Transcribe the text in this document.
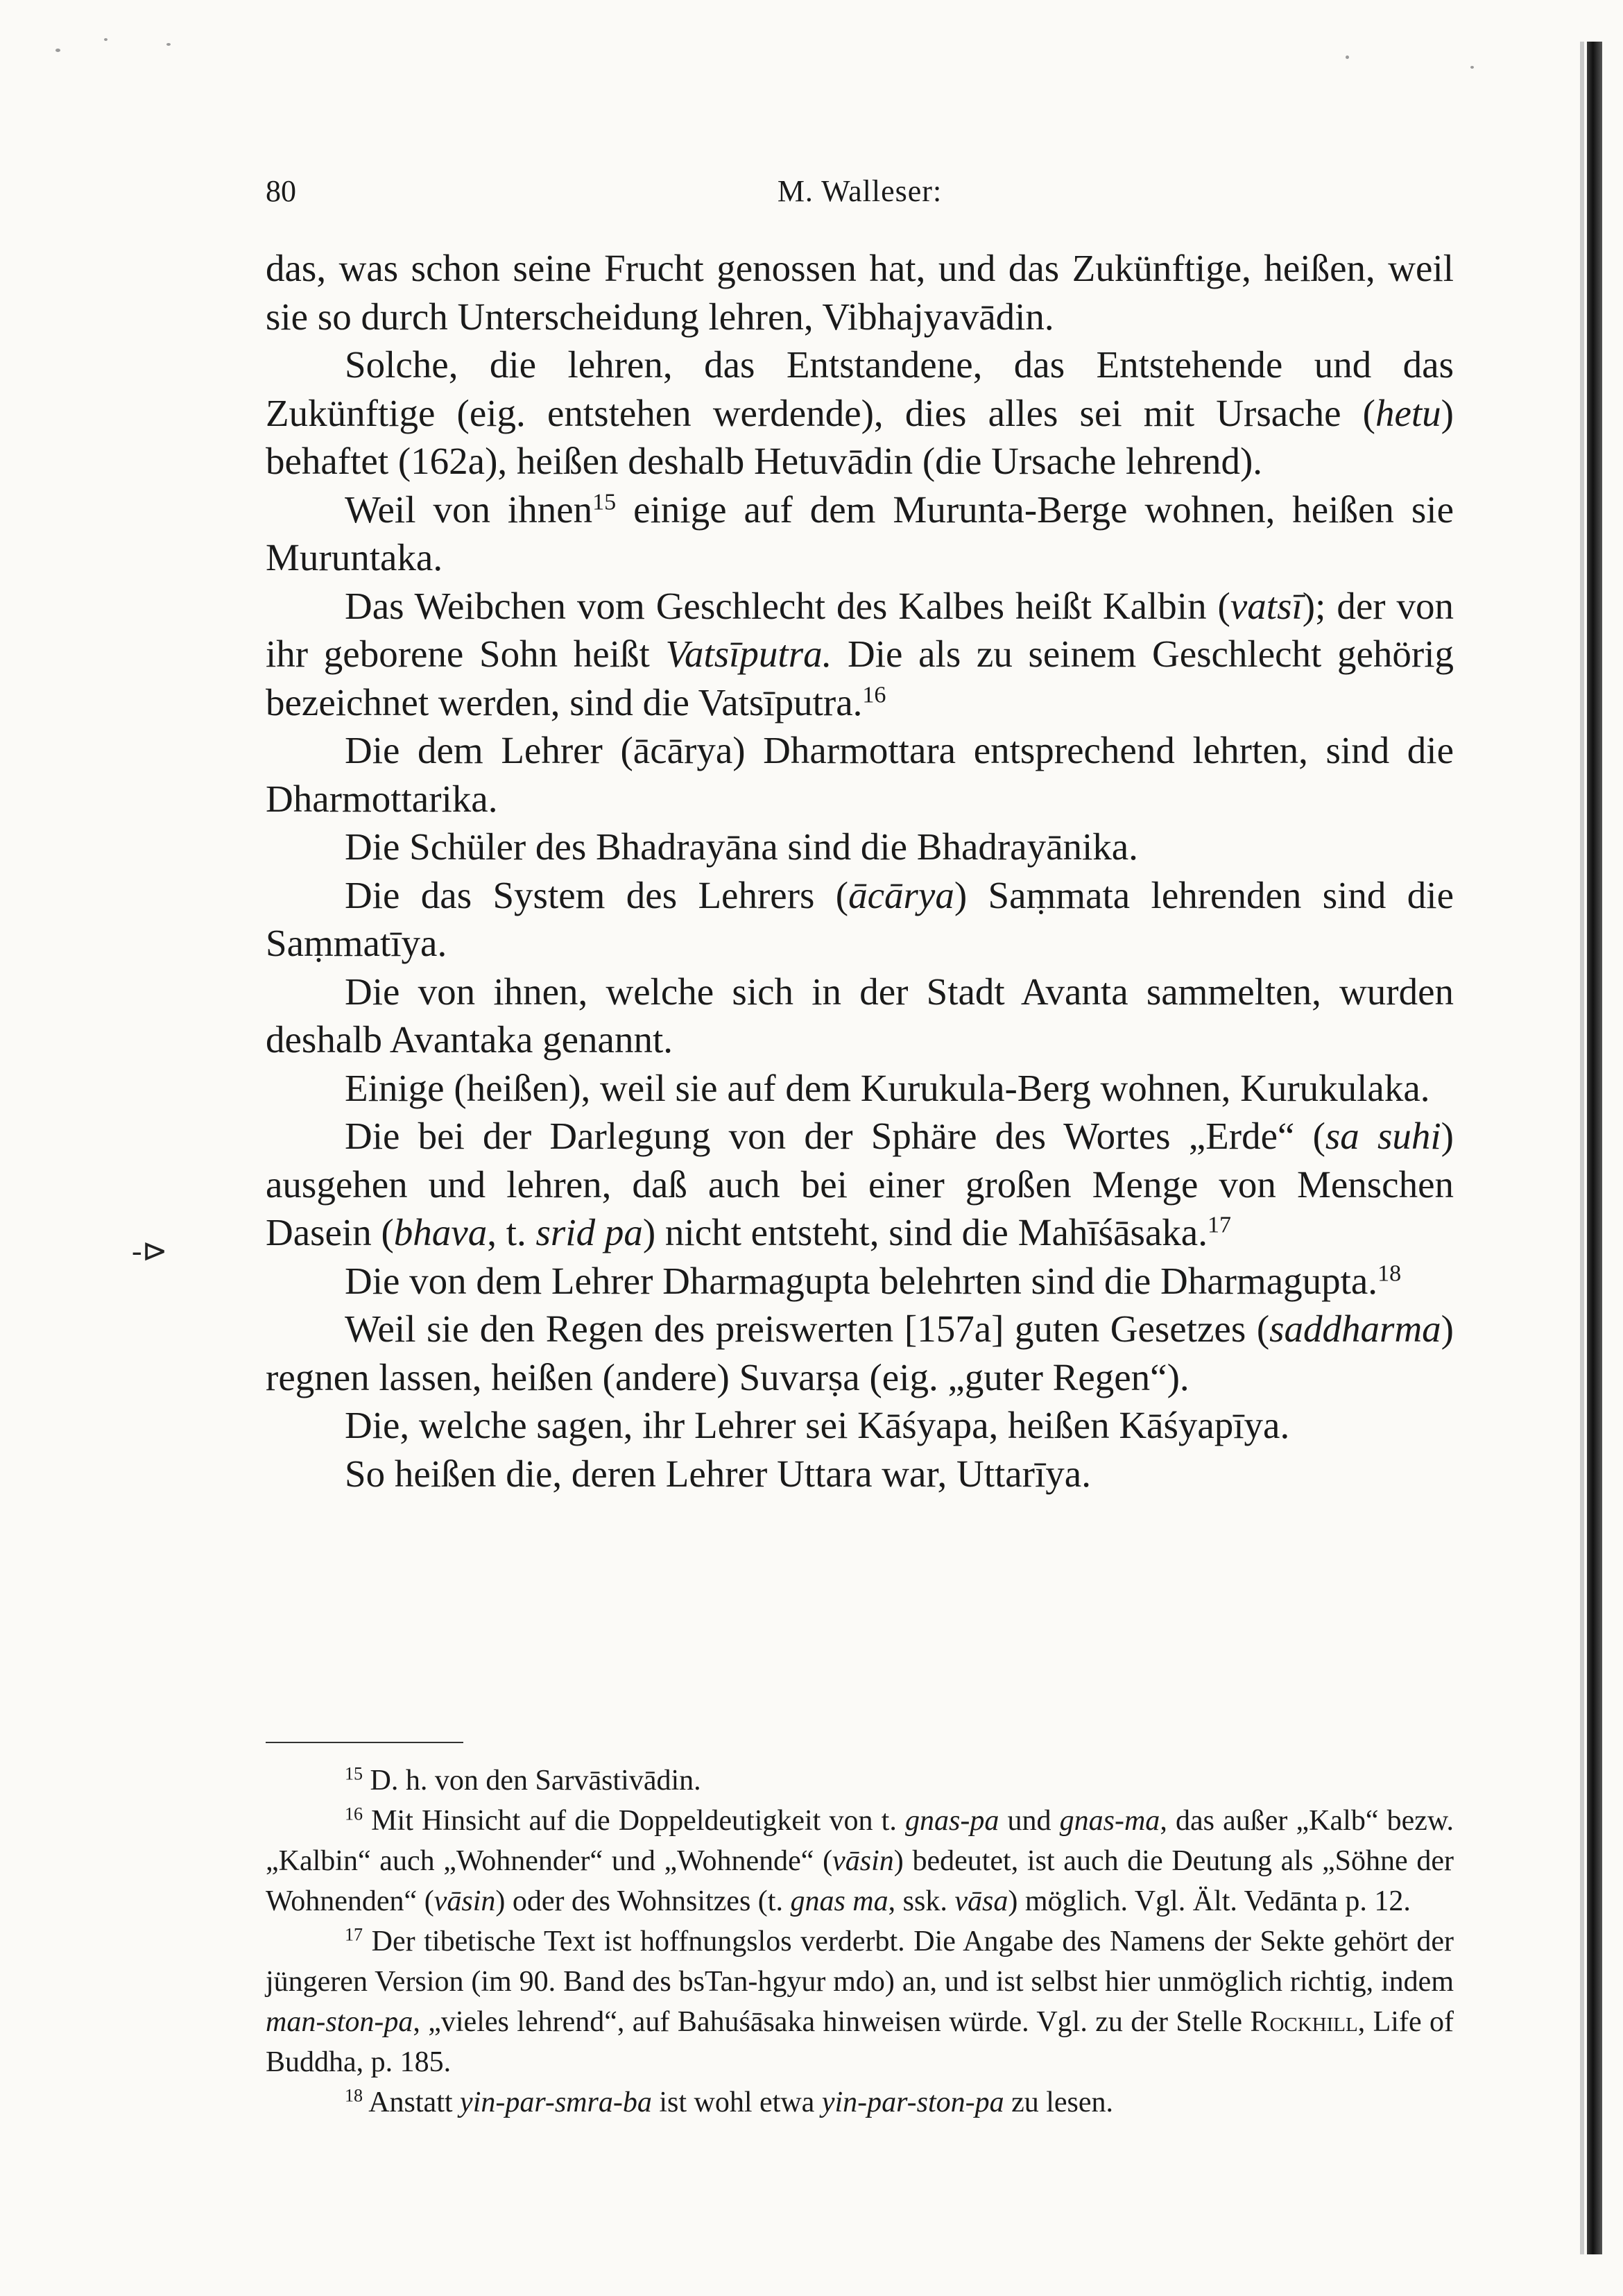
80	M. Walleser:
-⊳

das, was schon seine Frucht genossen hat, und das Zukünftige, heißen, weil sie so durch Unterscheidung lehren, Vibhajyavādin.

Solche, die lehren, das Entstandene, das Entstehende und das Zukünftige (eig. entstehen werdende), dies alles sei mit Ursache (hetu) behaftet (162a), heißen deshalb Hetuvādin (die Ursache lehrend).

Weil von ihnen$^{15}$ einige auf dem Murunta-Berge wohnen, heißen sie Muruntaka.

Das Weibchen vom Geschlecht des Kalbes heißt Kalbin (vatsī); der von ihr geborene Sohn heißt Vatsīputra. Die als zu seinem Geschlecht gehörig bezeichnet werden, sind die Vatsīputra.$^{16}$

Die dem Lehrer (ācārya) Dharmottara entsprechend lehrten, sind die Dharmottarika.

Die Schüler des Bhadrayāna sind die Bhadrayānika.

Die das System des Lehrers (ācārya) Saṃmata lehrenden sind die Saṃmatīya.

Die von ihnen, welche sich in der Stadt Avanta sammelten, wurden deshalb Avantaka genannt.

Einige (heißen), weil sie auf dem Kurukula-Berg wohnen, Kurukulaka.

Die bei der Darlegung von der Sphäre des Wortes „Erde“ (sa suhi) ausgehen und lehren, daß auch bei einer großen Menge von Menschen Dasein (bhava, t. srid pa) nicht entsteht, sind die Mahīśāsaka.$^{17}$

Die von dem Lehrer Dharmagupta belehrten sind die Dharmagupta.$^{18}$

Weil sie den Regen des preiswerten [157a] guten Gesetzes (saddharma) regnen lassen, heißen (andere) Suvarṣa (eig. „guter Regen“).

Die, welche sagen, ihr Lehrer sei Kāśyapa, heißen Kāśyapīya.

So heißen die, deren Lehrer Uttara war, Uttarīya.

$^{15}$ D. h. von den Sarvāstivādin.

$^{16}$ Mit Hinsicht auf die Doppeldeutigkeit von t. gnas-pa und gnas-ma, das außer „Kalb“ bezw. „Kalbin“ auch „Wohnender“ und „Wohnende“ (vāsin) bedeutet, ist auch die Deutung als „Söhne der Wohnenden“ (vāsin) oder des Wohnsitzes (t. gnas ma, ssk. vāsa) möglich. Vgl. Ält. Vedānta p. 12.

$^{17}$ Der tibetische Text ist hoffnungslos verderbt. Die Angabe des Namens der Sekte gehört der jüngeren Version (im 90. Band des bsTan-hgyur mdo) an, und ist selbst hier unmöglich richtig, indem man-ston-pa, „vieles lehrend“, auf Bahuśāsaka hinweisen würde. Vgl. zu der Stelle Rockhill, Life of Buddha, p. 185.

$^{18}$ Anstatt yin-par-smra-ba ist wohl etwa yin-par-ston-pa zu lesen.
